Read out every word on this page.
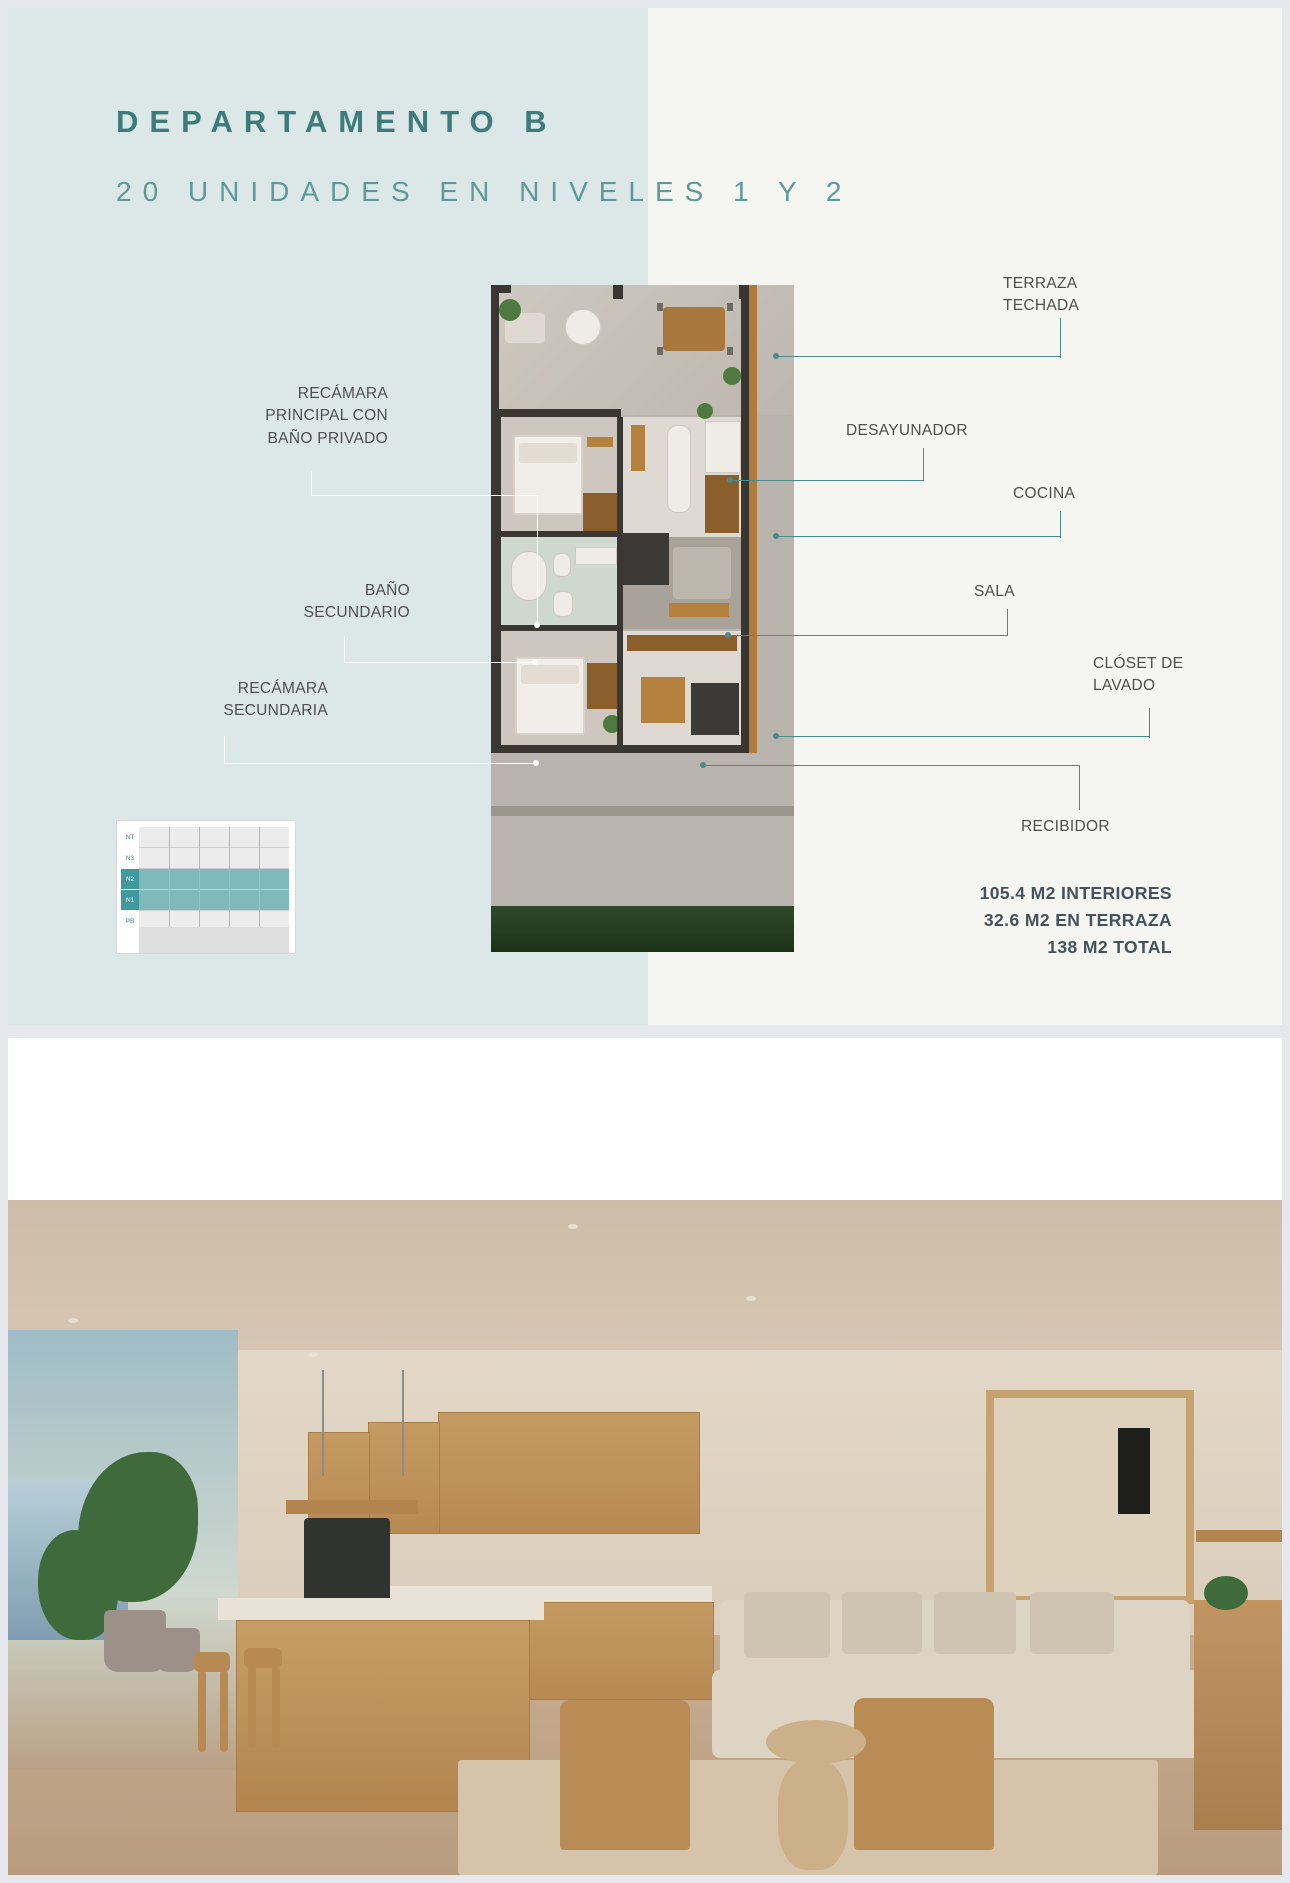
DEPARTAMENTO B
20 UNIDADES EN NIVELES 1 Y 2
TERRAZA
TECHADA
DESAYUNADOR
COCINA
SALA
CLÓSET DE
LAVADO
RECIBIDOR
RECÁMARA
PRINCIPAL CON
BAÑO PRIVADO
BAÑO
SECUNDARIO
RECÁMARA
SECUNDARIA
105.4 M2 INTERIORES
32.6 M2 EN TERRAZA
138 M2 TOTAL
NT
N3
N2
N1
PB
